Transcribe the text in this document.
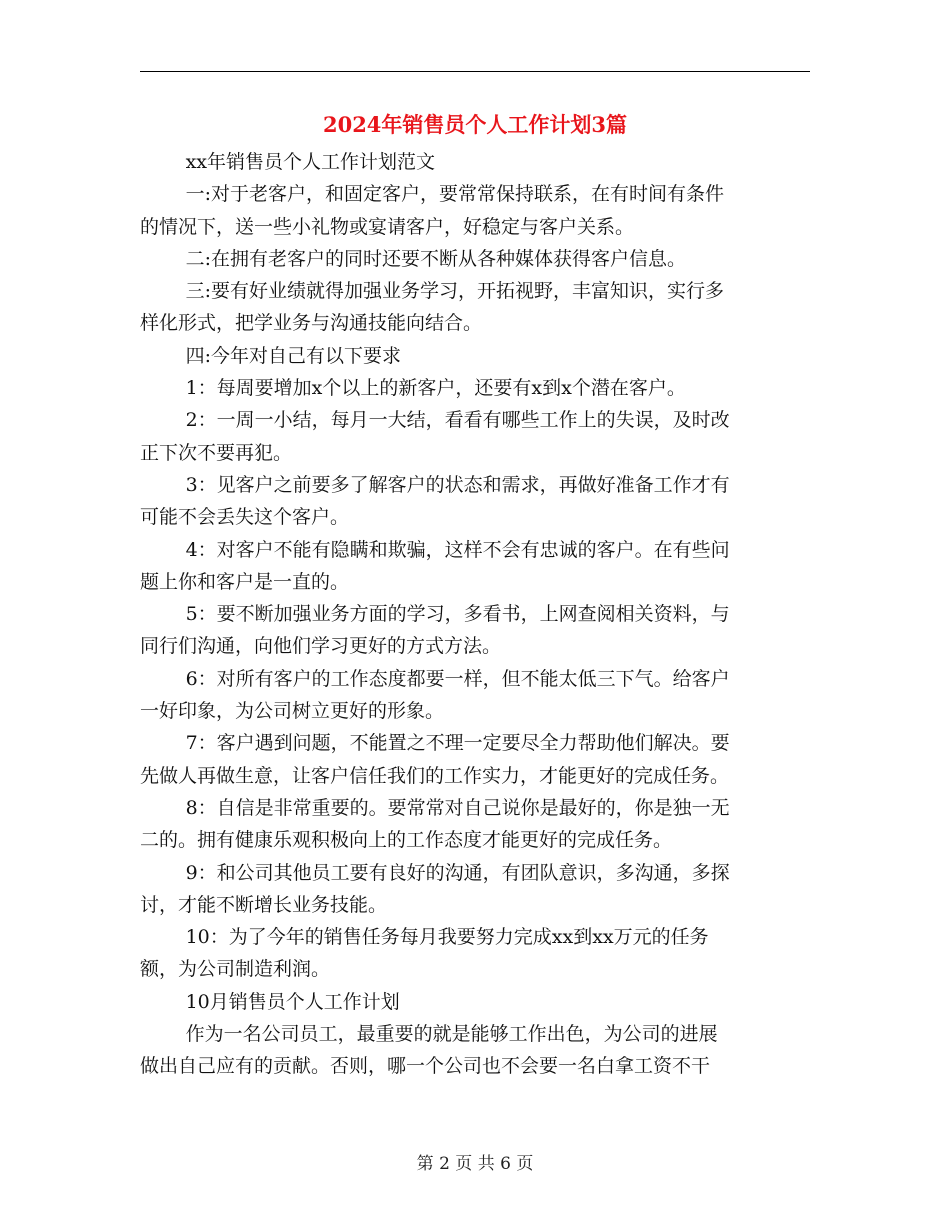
2024年销售员个人工作计划3篇
xx年销售员个人工作计划范文
一:对于老客户，和固定客户，要常常保持联系，在有时间有条件
的情况下，送一些小礼物或宴请客户，好稳定与客户关系。
二:在拥有老客户的同时还要不断从各种媒体获得客户信息。
三:要有好业绩就得加强业务学习，开拓视野，丰富知识，实行多
样化形式，把学业务与沟通技能向结合。
四:今年对自己有以下要求
1：每周要增加x个以上的新客户，还要有x到x个潜在客户。
2：一周一小结，每月一大结，看看有哪些工作上的失误，及时改
正下次不要再犯。
3：见客户之前要多了解客户的状态和需求，再做好准备工作才有
可能不会丢失这个客户。
4：对客户不能有隐瞒和欺骗，这样不会有忠诚的客户。在有些问
题上你和客户是一直的。
5：要不断加强业务方面的学习，多看书，上网查阅相关资料，与
同行们沟通，向他们学习更好的方式方法。
6：对所有客户的工作态度都要一样，但不能太低三下气。给客户
一好印象，为公司树立更好的形象。
7：客户遇到问题，不能置之不理一定要尽全力帮助他们解决。要
先做人再做生意，让客户信任我们的工作实力，才能更好的完成任务。
8：自信是非常重要的。要常常对自己说你是最好的，你是独一无
二的。拥有健康乐观积极向上的工作态度才能更好的完成任务。
9：和公司其他员工要有良好的沟通，有团队意识，多沟通，多探
讨，才能不断增长业务技能。
10：为了今年的销售任务每月我要努力完成xx到xx万元的任务
额，为公司制造利润。
10月销售员个人工作计划
作为一名公司员工，最重要的就是能够工作出色，为公司的进展
做出自己应有的贡献。否则，哪一个公司也不会要一名白拿工资不干
第 2 页 共 6 页
